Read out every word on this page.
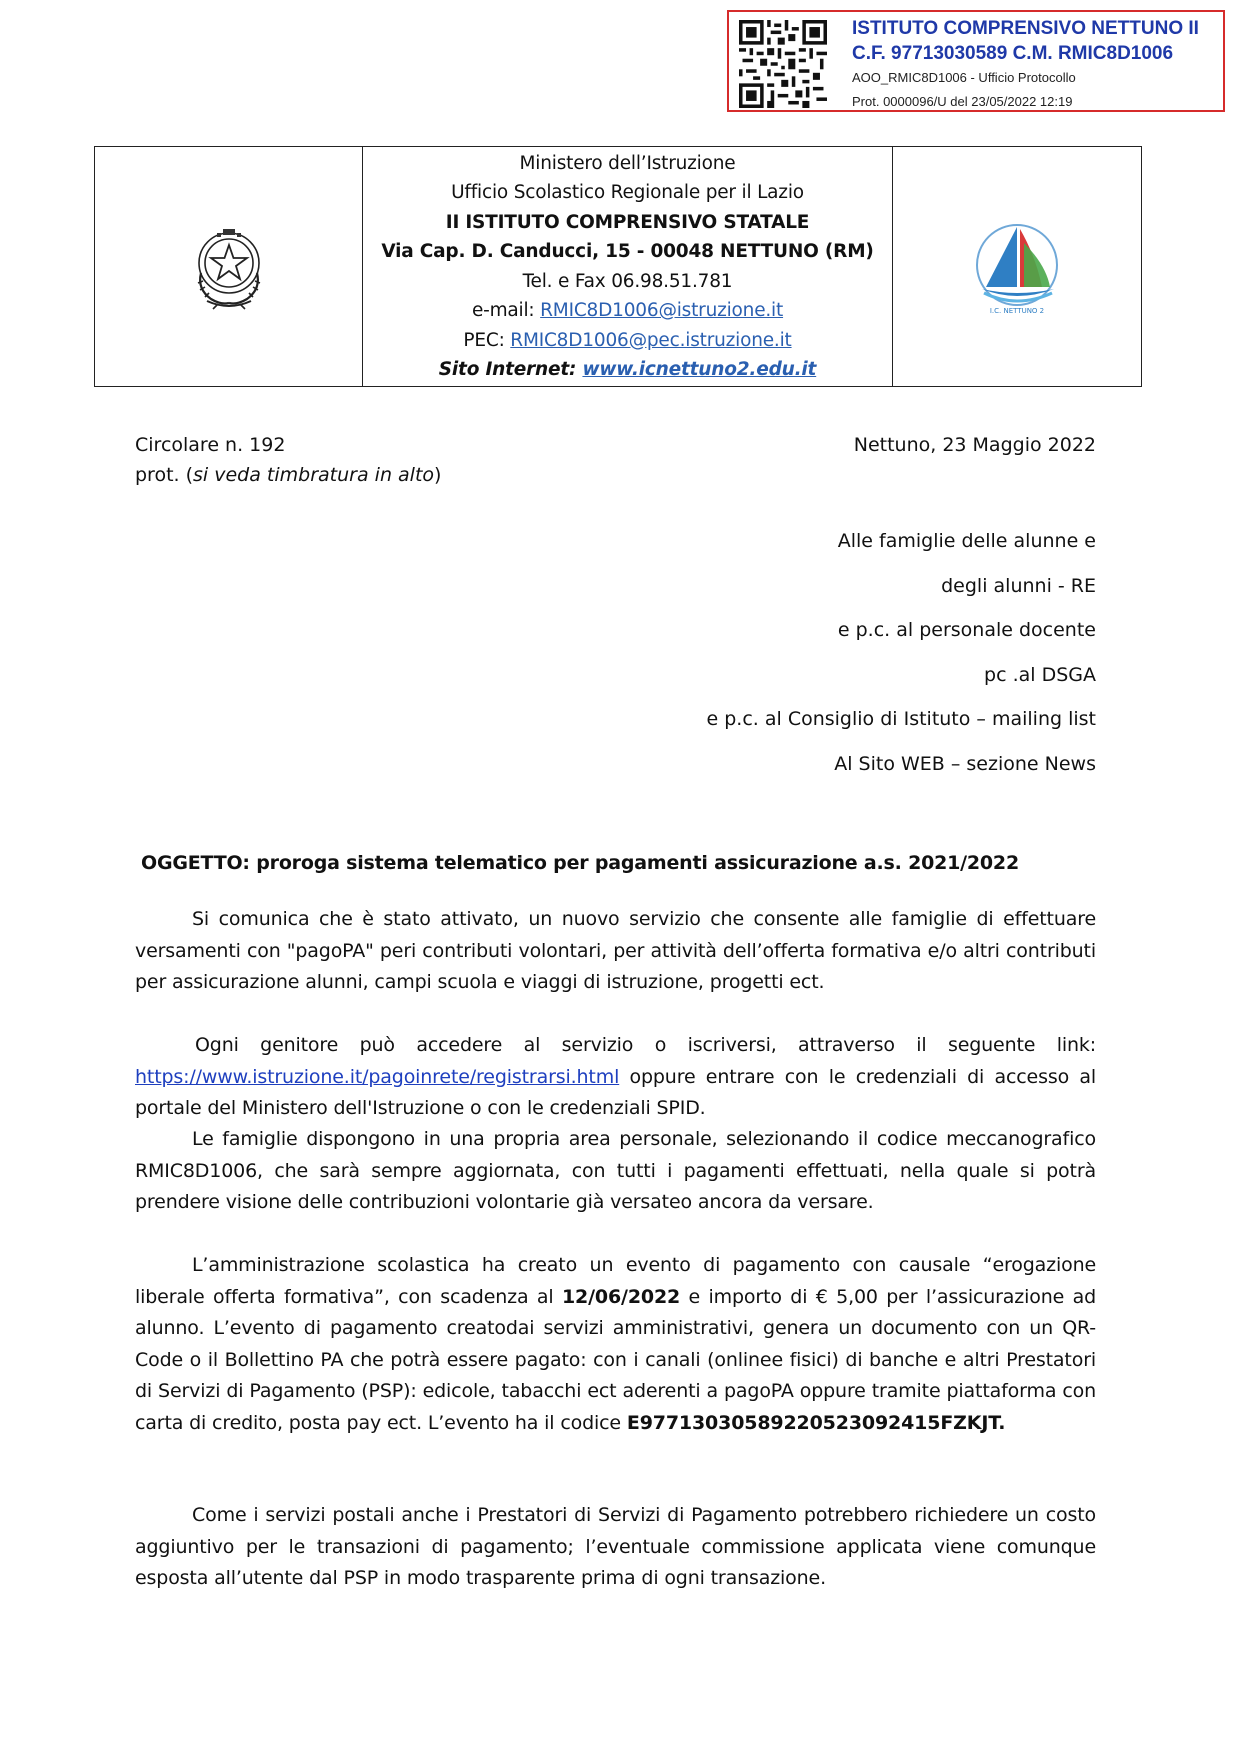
ISTITUTO COMPRENSIVO NETTUNO II
C.F. 97713030589 C.M. RMIC8D1006
AOO_RMIC8D1006 - Ufficio Protocollo
Prot. 0000096/U del 23/05/2022 12:19
Ministero dell’Istruzione
Ufficio Scolastico Regionale per il Lazio
II ISTITUTO COMPRENSIVO STATALE
Via Cap. D. Canducci, 15 - 00048 NETTUNO (RM)
Tel. e Fax 06.98.51.781
e-mail: RMIC8D1006@istruzione.it
PEC: RMIC8D1006@pec.istruzione.it
Sito Internet: www.icnettuno2.edu.it
I.C. NETTUNO 2
Circolare n. 192
prot. (si veda timbratura in alto)
Nettuno, 23 Maggio 2022
Alle famiglie delle alunne e
degli alunni - RE
e p.c. al personale docente
pc .al DSGA
e p.c. al Consiglio di Istituto – mailing list
Al Sito WEB – sezione News
OGGETTO: proroga sistema telematico per pagamenti assicurazione a.s. 2021/2022

Si comunica che è stato attivato, un nuovo servizio che consente alle famiglie di effettuare versamenti con "pagoPA" peri contributi volontari, per attività dell’offerta formativa e/o altri contributi per assicurazione alunni, campi scuola e viaggi di istruzione, progetti ect.

Ogni genitore può accedere al servizio o iscriversi, attraverso il seguente link: https://www.istruzione.it/pagoinrete/registrarsi.html oppure entrare con le credenziali di accesso al portale del Ministero dell'Istruzione o con le credenziali SPID.

Le famiglie dispongono in una propria area personale, selezionando il codice meccanografico RMIC8D1006, che sarà sempre aggiornata, con tutti i pagamenti effettuati, nella quale si potrà prendere visione delle contribuzioni volontarie già versateo ancora da versare.

L’amministrazione scolastica ha creato un evento di pagamento con causale “erogazione liberale offerta formativa”, con scadenza al 12/06/2022 e importo di € 5,00 per l’assicurazione ad alunno. L’evento di pagamento creatodai servizi amministrativi, genera un documento con un QR-Code o il Bollettino PA che potrà essere pagato: con i canali (onlinee fisici) di banche e altri Prestatori di Servizi di Pagamento (PSP): edicole, tabacchi ect aderenti a pagoPA oppure tramite piattaforma con carta di credito, posta pay ect. L’evento ha il codice E97713030589220523092415FZKJT.

Come i servizi postali anche i Prestatori di Servizi di Pagamento potrebbero richiedere un costo aggiuntivo per le transazioni di pagamento; l’eventuale commissione applicata viene comunque esposta all’utente dal PSP in modo trasparente prima di ogni transazione.
